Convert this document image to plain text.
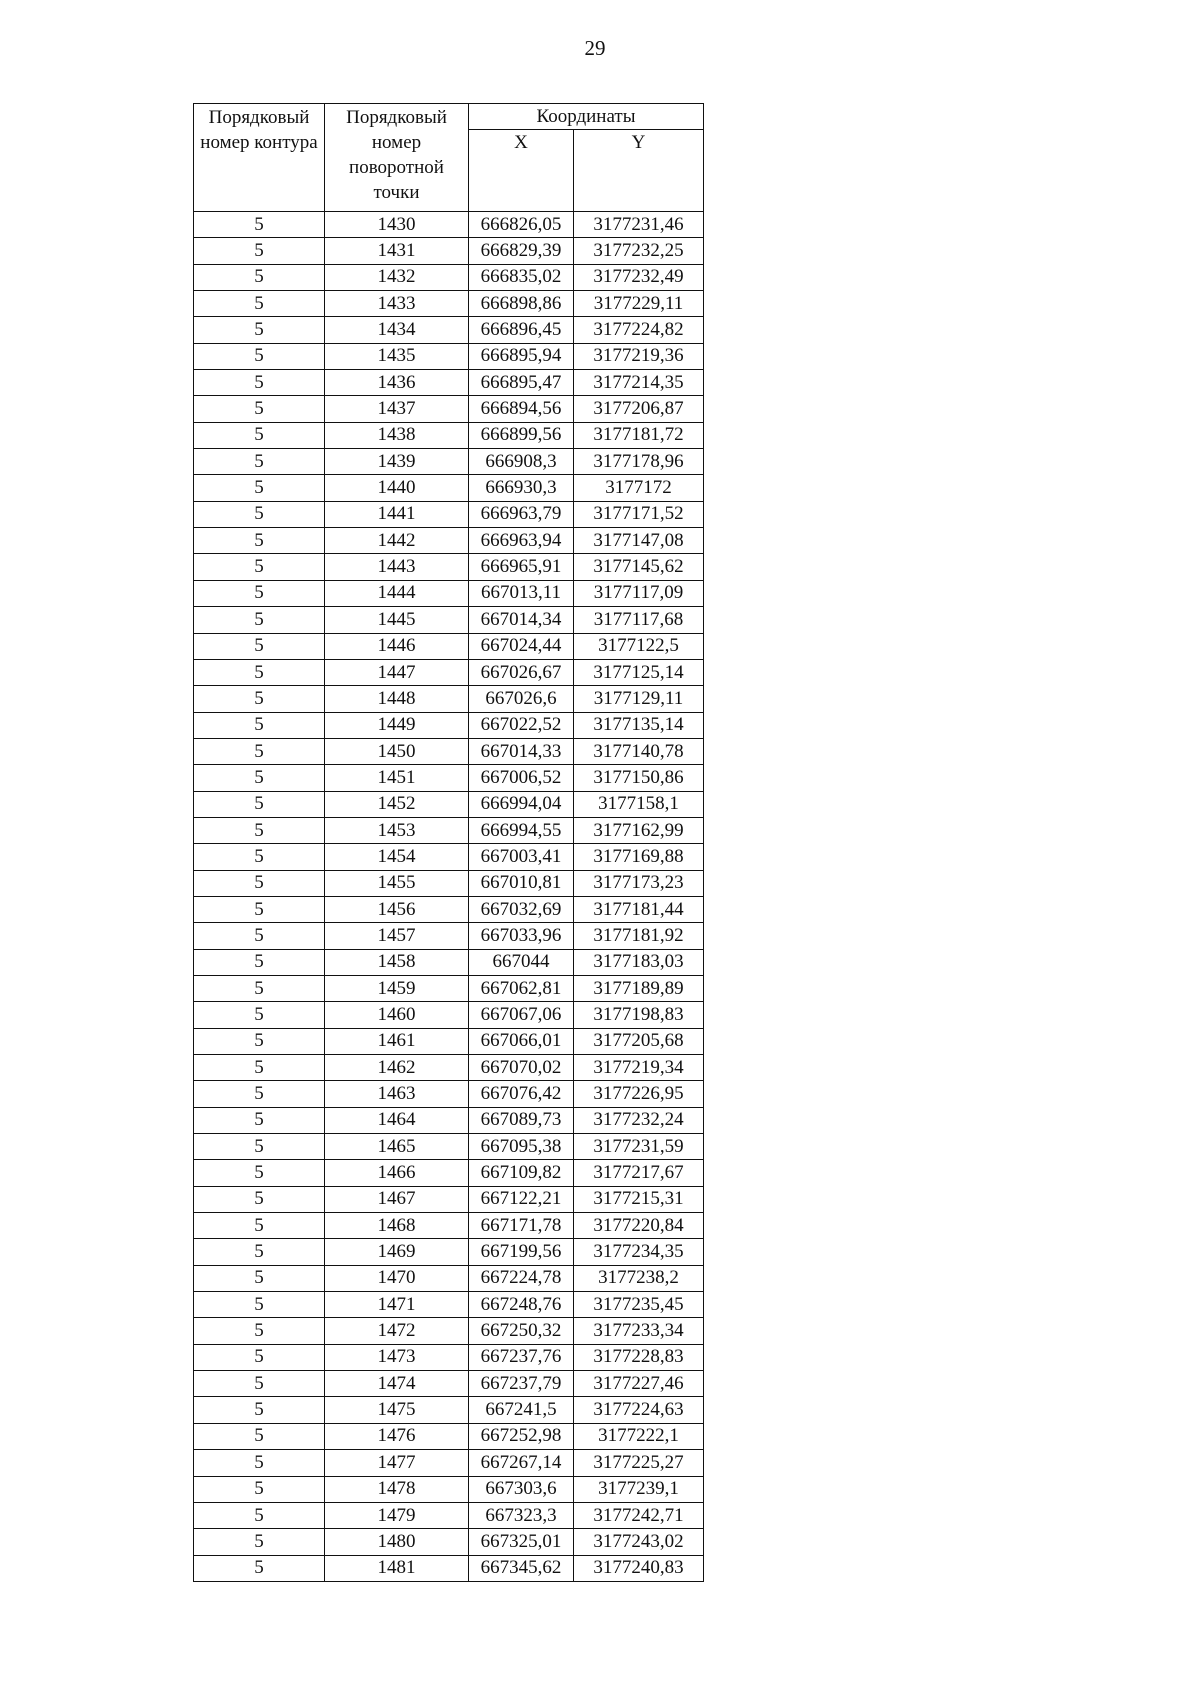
29
Порядковый номер контура	Порядковый номер поворотной точки	Координаты	
		X	Y
5	1430	666826,05	3177231,46
5	1431	666829,39	3177232,25
5	1432	666835,02	3177232,49
5	1433	666898,86	3177229,11
5	1434	666896,45	3177224,82
5	1435	666895,94	3177219,36
5	1436	666895,47	3177214,35
5	1437	666894,56	3177206,87
5	1438	666899,56	3177181,72
5	1439	666908,3	3177178,96
5	1440	666930,3	3177172
5	1441	666963,79	3177171,52
5	1442	666963,94	3177147,08
5	1443	666965,91	3177145,62
5	1444	667013,11	3177117,09
5	1445	667014,34	3177117,68
5	1446	667024,44	3177122,5
5	1447	667026,67	3177125,14
5	1448	667026,6	3177129,11
5	1449	667022,52	3177135,14
5	1450	667014,33	3177140,78
5	1451	667006,52	3177150,86
5	1452	666994,04	3177158,1
5	1453	666994,55	3177162,99
5	1454	667003,41	3177169,88
5	1455	667010,81	3177173,23
5	1456	667032,69	3177181,44
5	1457	667033,96	3177181,92
5	1458	667044	3177183,03
5	1459	667062,81	3177189,89
5	1460	667067,06	3177198,83
5	1461	667066,01	3177205,68
5	1462	667070,02	3177219,34
5	1463	667076,42	3177226,95
5	1464	667089,73	3177232,24
5	1465	667095,38	3177231,59
5	1466	667109,82	3177217,67
5	1467	667122,21	3177215,31
5	1468	667171,78	3177220,84
5	1469	667199,56	3177234,35
5	1470	667224,78	3177238,2
5	1471	667248,76	3177235,45
5	1472	667250,32	3177233,34
5	1473	667237,76	3177228,83
5	1474	667237,79	3177227,46
5	1475	667241,5	3177224,63
5	1476	667252,98	3177222,1
5	1477	667267,14	3177225,27
5	1478	667303,6	3177239,1
5	1479	667323,3	3177242,71
5	1480	667325,01	3177243,02
5	1481	667345,62	3177240,83
